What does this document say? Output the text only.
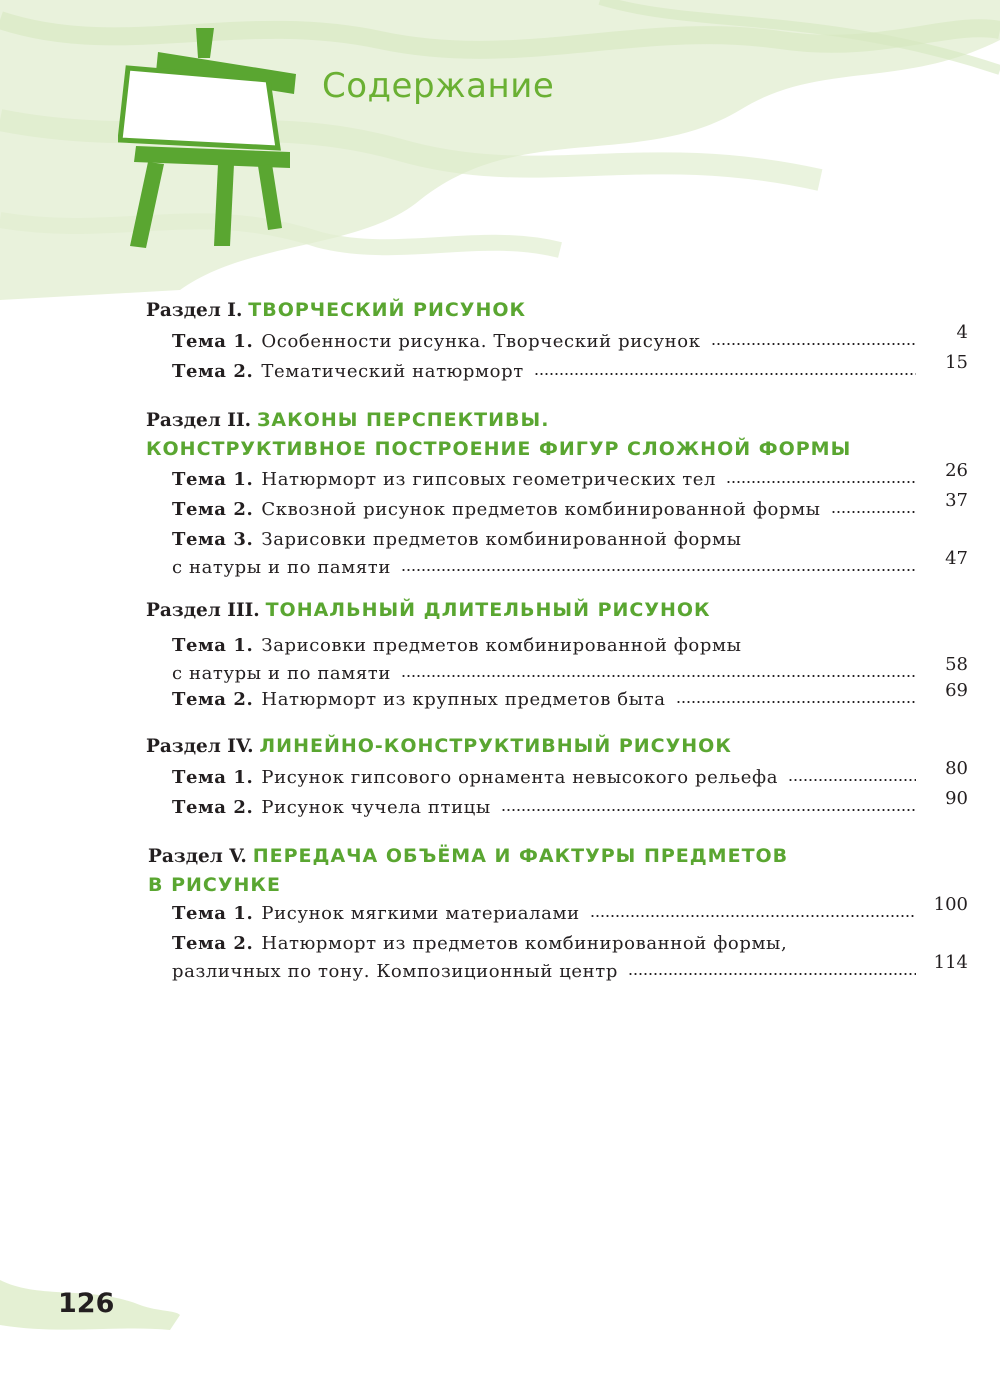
Содержание
Раздел I. ТВОРЧЕСКИЙ РИСУНОК
Тема 1. Особенности рисунка. Творческий рисунок	4
Тема 2. Тематический натюрморт	15
Раздел II. ЗАКОНЫ ПЕРСПЕКТИВЫ.
КОНСТРУКТИВНОЕ ПОСТРОЕНИЕ ФИГУР СЛОЖНОЙ ФОРМЫ
Тема 1. Натюрморт из гипсовых геометрических тел	26
Тема 2. Сквозной рисунок предметов комбинированной формы	37
Тема 3. Зарисовки предметов комбинированной формы
с натуры и по памяти	47
Раздел III. ТОНАЛЬНЫЙ ДЛИТЕЛЬНЫЙ РИСУНОК
Тема 1. Зарисовки предметов комбинированной формы
с натуры и по памяти	58
Тема 2. Натюрморт из крупных предметов быта	69
Раздел IV. ЛИНЕЙНО-КОНСТРУКТИВНЫЙ РИСУНОК
Тема 1. Рисунок гипсового орнамента невысокого рельефа	80
Тема 2. Рисунок чучела птицы	90
Раздел V. ПЕРЕДАЧА ОБЪЁМА И ФАКТУРЫ ПРЕДМЕТОВ
В РИСУНКЕ
Тема 1. Рисунок мягкими материалами	100
Тема 2. Натюрморт из предметов комбинированной формы,
различных по тону. Композиционный центр	114
126
